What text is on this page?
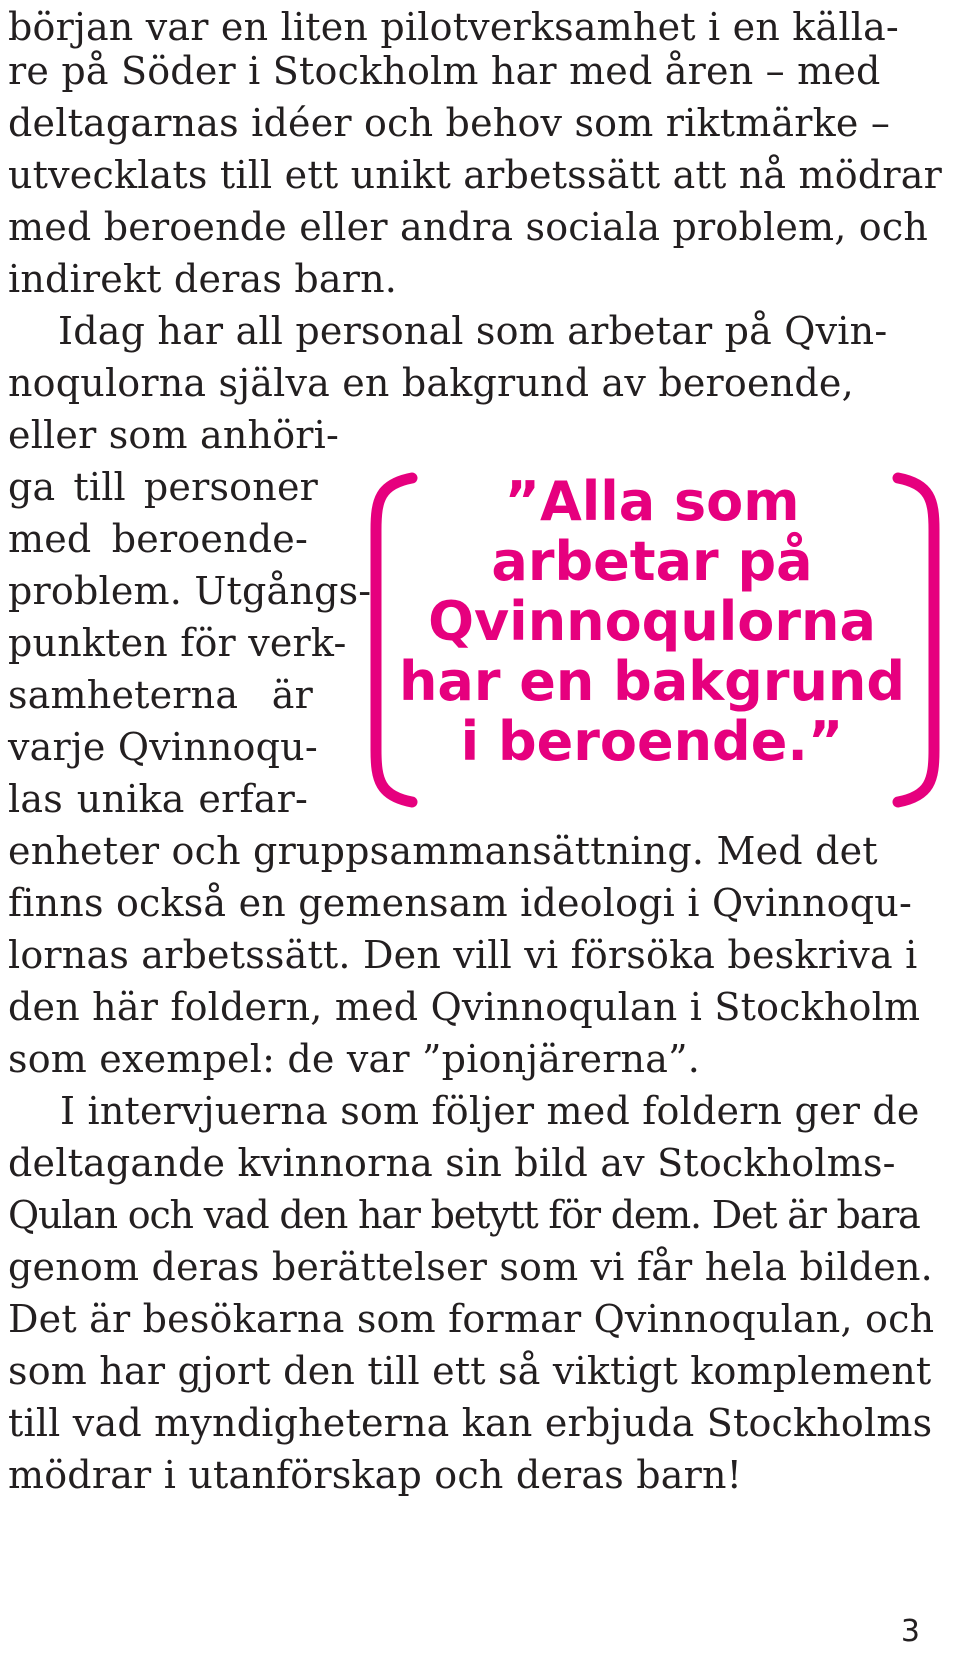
början var en liten pilotverksamhet i en källa-
re på Söder i Stockholm har med åren – med
deltagarnas idéer och behov som riktmärke –
utvecklats till ett unikt arbetssätt att nå mödrar
med beroende eller andra sociala problem, och
indirekt deras barn.
Idag har all personal som arbetar på Qvin-
noqulorna själva en bakgrund av beroende,
eller som anhöri-
ga till personer
med beroende-
problem. Utgångs-
punkten för verk-
samheterna är
varje Qvinnoqu-
las unika erfar-
enheter och gruppsammansättning. Med det
finns också en gemensam ideologi i Qvinnoqu-
lornas arbetssätt. Den vill vi försöka beskriva i
den här foldern, med Qvinnoqulan i Stockholm
som exempel: de var ”pionjärerna”.
I intervjuerna som följer med foldern ger de
deltagande kvinnorna sin bild av Stockholms-
Qulan och vad den har betytt för dem. Det är bara
genom deras berättelser som vi får hela bilden.
Det är besökarna som formar Qvinnoqulan, och
som har gjort den till ett så viktigt komplement
till vad myndigheterna kan erbjuda Stockholms
mödrar i utanförskap och deras barn!
”Alla som
arbetar på
Qvinnoqulorna
har en bakgrund
i beroende.”
3
